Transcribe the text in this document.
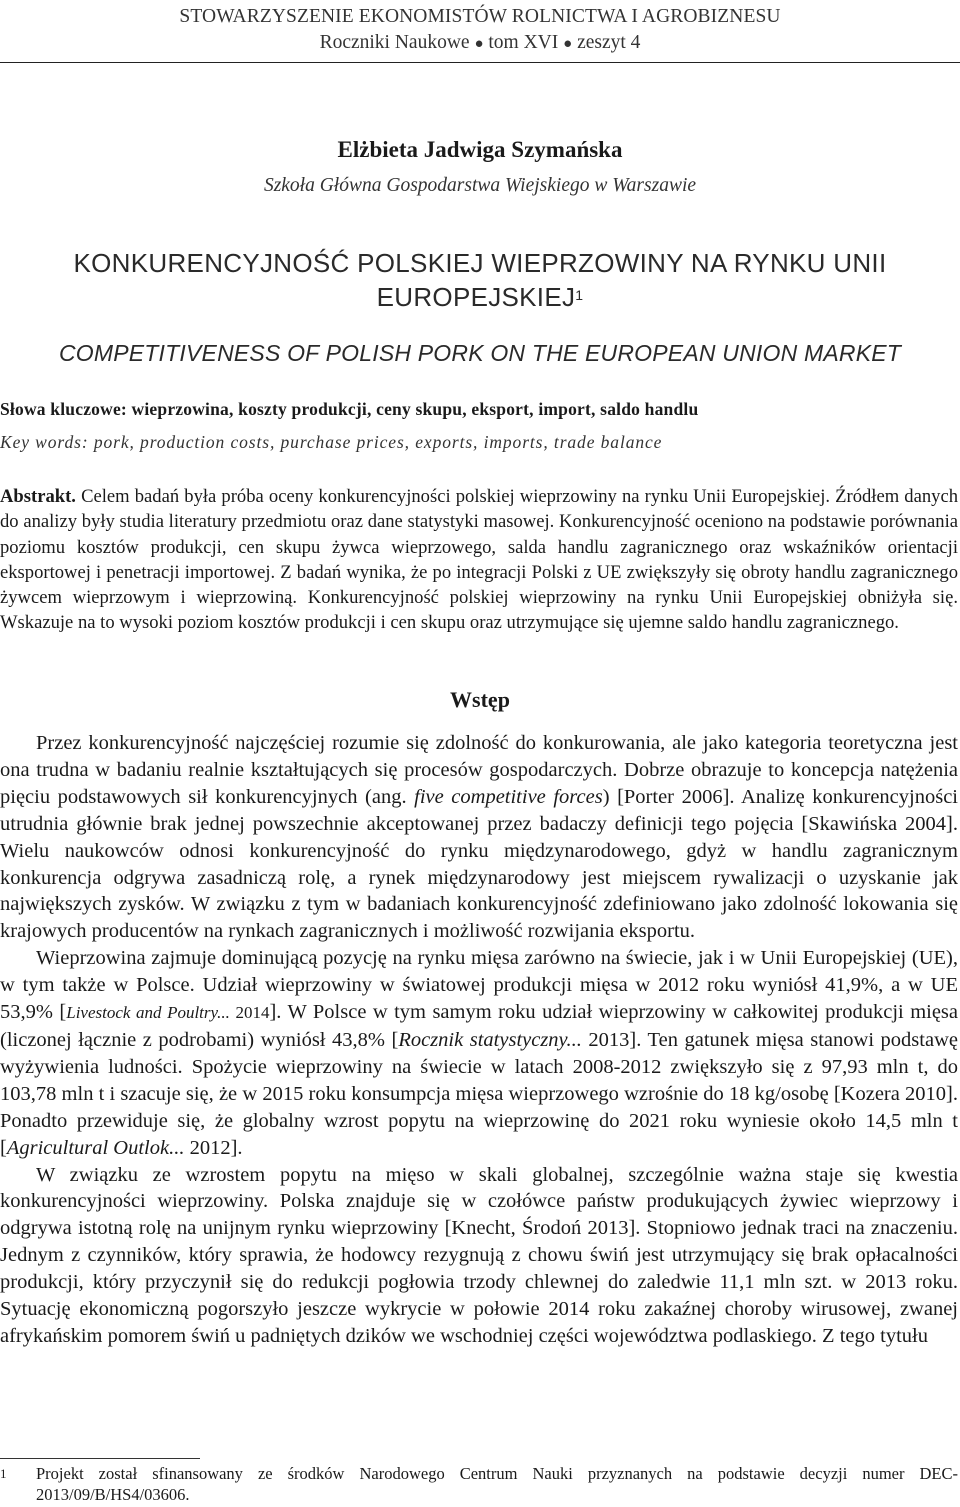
STOWARZYSZENIE EKONOMISTÓW ROLNICTWA I AGROBIZNESU
Roczniki Naukowe ● tom XVI ● zeszyt 4
Elżbieta Jadwiga Szymańska
Szkoła Główna Gospodarstwa Wiejskiego w Warszawie
KONKURENCYJNOŚĆ POLSKIEJ WIEPRZOWINY NA RYNKU UNII
EUROPEJSKIEJ$^1$
COMPETITIVENESS OF POLISH PORK ON THE EUROPEAN UNION MARKET
Słowa kluczowe: wieprzowina, koszty produkcji, ceny skupu, eksport, import, saldo handlu
Key words: pork, production costs, purchase prices, exports, imports, trade balance
Abstrakt. Celem badań była próba oceny konkurencyjności polskiej wieprzowiny na rynku Unii Europejskiej. Źródłem danych do analizy były studia literatury przedmiotu oraz dane statystyki masowej. Konkurencyjność oceniono na podstawie porównania poziomu kosztów produkcji, cen skupu żywca wieprzowego, salda handlu zagranicznego oraz wskaźników orientacji eksportowej i penetracji importowej. Z badań wynika, że po integracji Polski z UE zwiększyły się obroty handlu zagranicznego żywcem wieprzowym i wieprzowiną. Konkurencyjność polskiej wieprzowiny na rynku Unii Europejskiej obniżyła się. Wskazuje na to wysoki poziom kosztów produkcji i cen skupu oraz utrzymujące się ujemne saldo handlu zagranicznego.
Wstęp

Przez konkurencyjność najczęściej rozumie się zdolność do konkurowania, ale jako kategoria teoretyczna jest ona trudna w badaniu realnie kształtujących się procesów gospodarczych. Dobrze obrazuje to koncepcja natężenia pięciu podstawowych sił konkurencyjnych (ang. five competitive forces) [Porter 2006]. Analizę konkurencyjności utrudnia głównie brak jednej powszechnie akceptowanej przez badaczy definicji tego pojęcia [Skawińska 2004]. Wielu naukowców odnosi konkurencyjność do rynku międzynarodowego, gdyż w handlu zagranicznym konkurencja odgrywa zasadniczą rolę, a rynek międzynarodowy jest miejscem rywalizacji o uzyskanie jak największych zysków. W związku z tym w badaniach konkurencyjność zdefiniowano jako zdolność lokowania się krajowych producentów na rynkach zagranicznych i możliwość rozwijania eksportu.

Wieprzowina zajmuje dominującą pozycję na rynku mięsa zarówno na świecie, jak i w Unii Europejskiej (UE), w tym także w Polsce. Udział wieprzowiny w światowej produkcji mięsa w 2012 roku wyniósł 41,9%, a w UE 53,9% [Livestock and Poultry... 2014]. W Polsce w tym samym roku udział wieprzowiny w całkowitej produkcji mięsa (liczonej łącznie z podrobami) wyniósł 43,8% [Rocznik statystyczny... 2013]. Ten gatunek mięsa stanowi podstawę wyżywienia ludności. Spożycie wieprzowiny na świecie w latach 2008-2012 zwiększyło się z 97,93 mln t, do 103,78 mln t i szacuje się, że w 2015 roku konsumpcja mięsa wieprzowego wzrośnie do 18 kg/osobę [Kozera 2010]. Ponadto przewiduje się, że globalny wzrost popytu na wieprzowinę do 2021 roku wyniesie około 14,5 mln t [Agricultural Outlok... 2012].

W związku ze wzrostem popytu na mięso w skali globalnej, szczególnie ważna staje się kwestia konkurencyjności wieprzowiny. Polska znajduje się w czołówce państw produkujących żywiec wieprzowy i odgrywa istotną rolę na unijnym rynku wieprzowiny [Knecht, Środoń 2013]. Stopniowo jednak traci na znaczeniu. Jednym z czynników, który sprawia, że hodowcy rezygnują z chowu świń jest utrzymujący się brak opłacalności produkcji, który przyczynił się do redukcji pogłowia trzody chlewnej do zaledwie 11,1 mln szt. w 2013 roku. Sytuację ekonomiczną pogorszyło jeszcze wykrycie w połowie 2014 roku zakaźnej choroby wirusowej, zwanej afrykańskim pomorem świń u padniętych dzików we wschodniej części województwa podlaskiego. Z tego tytułu

1 Projekt został sfinansowany ze środków Narodowego Centrum Nauki przyznanych na podstawie decyzji numer DEC-2013/09/B/HS4/03606.
